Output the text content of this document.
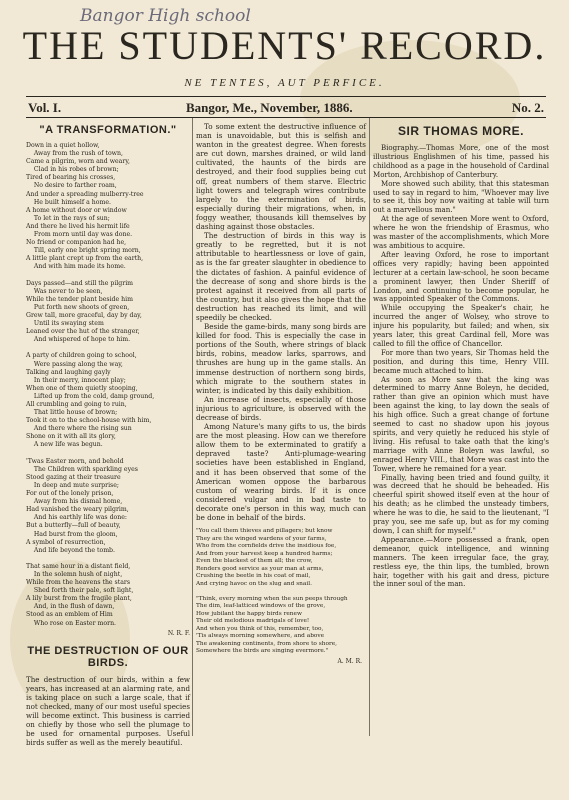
Bangor High school
THE STUDENTS' RECORD.
NE TENTES, AUT PERFICE.
Vol. I.	Bangor, Me., November, 1886.	No. 2.
"A TRANSFORMATION."
Down in a quiet hollow,
Away from the rush of town,
Came a pilgrim, worn and weary,
Clad in his robes of brown;
Tired of bearing his crosses,
No desire to farther roam,
And under a spreading mulberry-tree
He built himself a home.
A home without door or window
To let in the rays of sun;
And there he lived his hermit life
From morn until day was done.
No friend or companion had he,
Till, early one bright spring morn,
A little plant crept up from the earth,
And with him made its home.

Days passed—and still the pilgrim
Was never to be seen,
While the tender plant beside him
Put forth new shoots of green,
Grew tall, more graceful, day by day,
Until its swaying stem
Leaned over the hut of the stranger,
And whispered of hope to him.

A party of children going to school,
Were passing along the way,
Talking and laughing gayly
In their merry, innocent play;
When one of them quietly stooping,
Lifted up from the cold, damp ground,
All crumbling and going to ruin,
That little house of brown;
Took it on to the school-house with him,
And there where the rising sun
Shone on it with all its glory,
A new life was begun.

'Twas Easter morn, and behold
The Children with sparkling eyes
Stood gazing at their treasure
In deep and mute surprise;
For out of the lonely prison,
Away from his dismal home,
Had vanished the weary pilgrim,
And his earthly life was done:
But a butterfly—full of beauty,
Had burst from the gloom,
A symbol of resurrection,
And life beyond the tomb.

That same hour in a distant field,
In the solemn hush of night,
While from the heavens the stars
Shed forth their pale, soft light,
A lily burst from the fragile plant,
And, in the flush of dawn,
Stood as an emblem of Him
Who rose on Easter morn.
N. R. F.
THE DESTRUCTION OF OUR BIRDS.
The destruction of our birds, within a few years, has increased at an alarming rate, and is taking place on such a large scale, that if not checked, many of our most useful species will become extinct. This business is carried on chiefly by those who sell the plumage to be used for ornamental purposes. Useful birds suffer as well as the merely beautiful.

To some extent the destructive influence of man is unavoidable, but this is selfish and wanton in the greatest degree. When forests are cut down, marshes drained, or wild land cultivated, the haunts of the birds are destroyed, and their food supplies being cut off, great numbers of them starve. Electric light towers and telegraph wires contribute largely to the extermination of birds, especially during their migrations, when, in foggy weather, thousands kill themselves by dashing against those obstacles.

The destruction of birds in this way is greatly to be regretted, but it is not attributable to heartlessness or love of gain, as is the far greater slaughter in obedience to the dictates of fashion. A painful evidence of the decrease of song and shore birds is the protest against it received from all parts of the country, but it also gives the hope that the destruction has reached its limit, and will speedily be checked.

Beside the game-birds, many song birds are killed for food. This is especially the case in portions of the South, where strings of black birds, robins, meadow larks, sparrows, and thrushes are hung up in the game stalls. An immense destruction of northern song birds, which migrate to the southern states in winter, is indicated by this daily exhibition.

An increase of insects, especially of those injurious to agriculture, is observed with the decrease of birds.

Among Nature's many gifts to us, the birds are the most pleasing. How can we therefore allow them to be exterminated to gratify a depraved taste? Anti-plumage-wearing societies have been established in England, and it has been observed that some of the American women oppose the barbarous custom of wearing birds. If it is once considered vulgar and in bad taste to decorate one's person in this way, much can be done in behalf of the birds.

"You call them thieves and pillagers; but know
They are the winged wardens of your farms,
Who from the cornfields drive the insidious foe,
And from your harvest keep a hundred harms;
Even the blackest of them all; the crow,
Renders good service as your man at arms,
Crushing the beetle in his coat of mail,
And crying havoc on the slug and snail.

"Think, every morning when the sun peeps through
The dim, leaf-latticed windows of the grove,
How jubilant the happy birds renew
Their old melodious madrigals of love!
And when you think of this, remember, too,
'Tis always morning somewhere, and above
The awakening continents, from shore to shore,
Somewhere the birds are singing evermore."
A. M. R.
SIR THOMAS MORE.

Biography.—Thomas More, one of the most illustrious Englishmen of his time, passed his childhood as a page in the household of Cardinal Morton, Archbishop of Canterbury.

More showed such ability, that this statesman used to say in regard to him, "Whoever may live to see it, this boy now waiting at table will turn out a marvellous man."

At the age of seventeen More went to Oxford, where he won the friendship of Erasmus, who was master of the accomplishments, which More was ambitious to acquire.

After leaving Oxford, he rose to important offices very rapidly; having been appointed lecturer at a certain law-school, he soon became a prominent lawyer, then Under Sheriff of London, and continuing to become popular, he was appointed Speaker of the Commons.

While occupying the Speaker's chair, he incurred the anger of Wolsey, who strove to injure his popularity, but failed; and when, six years later, this great Cardinal fell, More was called to fill the office of Chancellor.

For more than two years, Sir Thomas held the position, and during this time, Henry VIII. became much attached to him.

As soon as More saw that the king was determined to marry Anne Boleyn, he decided, rather than give an opinion which must have been against the king, to lay down the seals of his high office. Such a great change of fortune seemed to cast no shadow upon his joyous spirits, and very quietly he reduced his style of living. His refusal to take oath that the king's marriage with Anne Boleyn was lawful, so enraged Henry VIII., that More was cast into the Tower, where he remained for a year.

Finally, having been tried and found guilty, it was decreed that he should be beheaded. His cheerful spirit showed itself even at the hour of his death; as he climbed the unsteady timbers, where he was to die, he said to the lieutenant, "I pray you, see me safe up, but as for my coming down, I can shift for myself."

Appearance.—More possessed a frank, open demeanor, quick intelligence, and winning manners. The keen irregular face, the gray, restless eye, the thin lips, the tumbled, brown hair, together with his gait and dress, picture the inner soul of the man.
